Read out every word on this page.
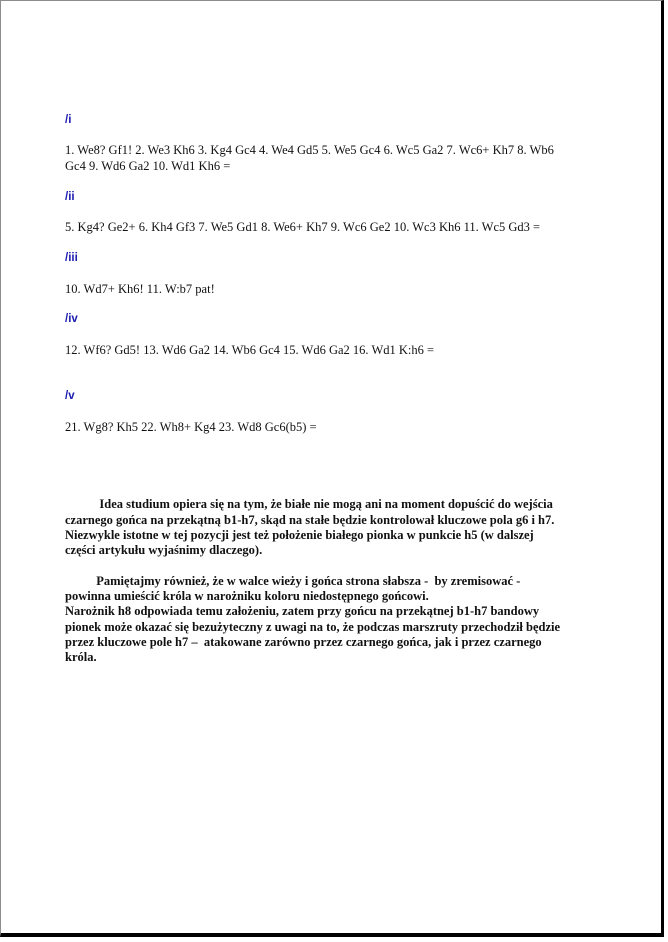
/i
1. We8? Gf1! 2. We3 Kh6 3. Kg4 Gc4 4. We4 Gd5 5. We5 Gc4 6. Wc5 Ga2 7. Wc6+ Kh7 8. Wb6
Gc4 9. Wd6 Ga2 10. Wd1 Kh6 =
/ii
5. Kg4? Ge2+ 6. Kh4 Gf3 7. We5 Gd1 8. We6+ Kh7 9. Wc6 Ge2 10. Wc3 Kh6 11. Wc5 Gd3 =
/iii
10. Wd7+ Kh6! 11. W:b7 pat!
/iv
12. Wf6? Gd5! 13. Wd6 Ga2 14. Wb6 Gc4 15. Wd6 Ga2 16. Wd1 K:h6 =
/v
21. Wg8? Kh5 22. Wh8+ Kg4 23. Wd8 Gc6(b5) =
Idea studium opiera się na tym, że białe nie mogą ani na moment dopuścić do wejścia
czarnego gońca na przekątną b1-h7, skąd na stałe będzie kontrolował kluczowe pola g6 i h7.
Niezwykle istotne w tej pozycji jest też położenie białego pionka w punkcie h5 (w dalszej
części artykułu wyjaśnimy dlaczego).
Pamiętajmy również, że w walce wieży i gońca strona słabsza -  by zremisować -
powinna umieścić króla w narożniku koloru niedostępnego gońcowi.
Narożnik h8 odpowiada temu założeniu, zatem przy gońcu na przekątnej b1-h7 bandowy
pionek może okazać się bezużyteczny z uwagi na to, że podczas marszruty przechodził będzie
przez kluczowe pole h7 –  atakowane zarówno przez czarnego gońca, jak i przez czarnego
króla.
